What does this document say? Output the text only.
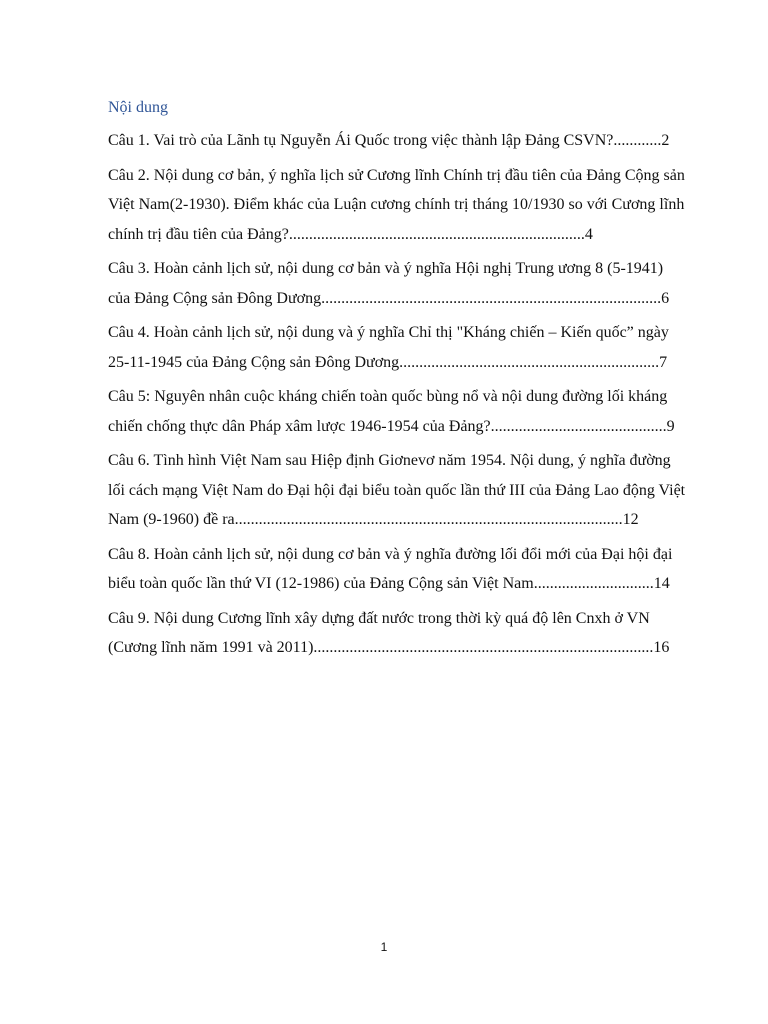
Nội dung
Câu 1. Vai trò của Lãnh tụ Nguyễn Ái Quốc trong việc thành lập Đảng CSVN?............2
Câu 2. Nội dung cơ bản, ý nghĩa lịch sử Cương lĩnh Chính trị đầu tiên của Đảng Cộng sản Việt Nam(2-1930). Điểm khác của Luận cương chính trị tháng 10/1930 so với Cương lĩnh chính trị đầu tiên của Đảng?..........................................................................4
Câu 3. Hoàn cảnh lịch sử, nội dung cơ bản và ý nghĩa Hội nghị Trung ương 8 (5-1941) của Đảng Cộng sản Đông Dương.....................................................................................6
Câu 4. Hoàn cảnh lịch sử, nội dung và ý nghĩa Chỉ thị "Kháng chiến – Kiến quốc” ngày 25-11-1945 của Đảng Cộng sản Đông Dương.................................................................7
Câu 5: Nguyên nhân cuộc kháng chiến toàn quốc bùng nổ và nội dung đường lối kháng chiến chống thực dân Pháp xâm lược 1946-1954 của Đảng?............................................9
Câu 6. Tình hình Việt Nam sau Hiệp định Giơnevơ năm 1954. Nội dung, ý nghĩa đường lối cách mạng Việt Nam do Đại hội đại biểu toàn quốc lần thứ III của Đảng Lao động Việt Nam (9-1960) đề ra.................................................................................................12
Câu 8. Hoàn cảnh lịch sử, nội dung cơ bản và ý nghĩa đường lối đổi mới của Đại hội đại biểu toàn quốc lần thứ VI (12-1986) của Đảng Cộng sản Việt Nam..............................14
Câu 9. Nội dung Cương lĩnh xây dựng đất nước trong thời kỳ quá độ lên Cnxh ở VN (Cương lĩnh năm 1991 và 2011).....................................................................................16
1
